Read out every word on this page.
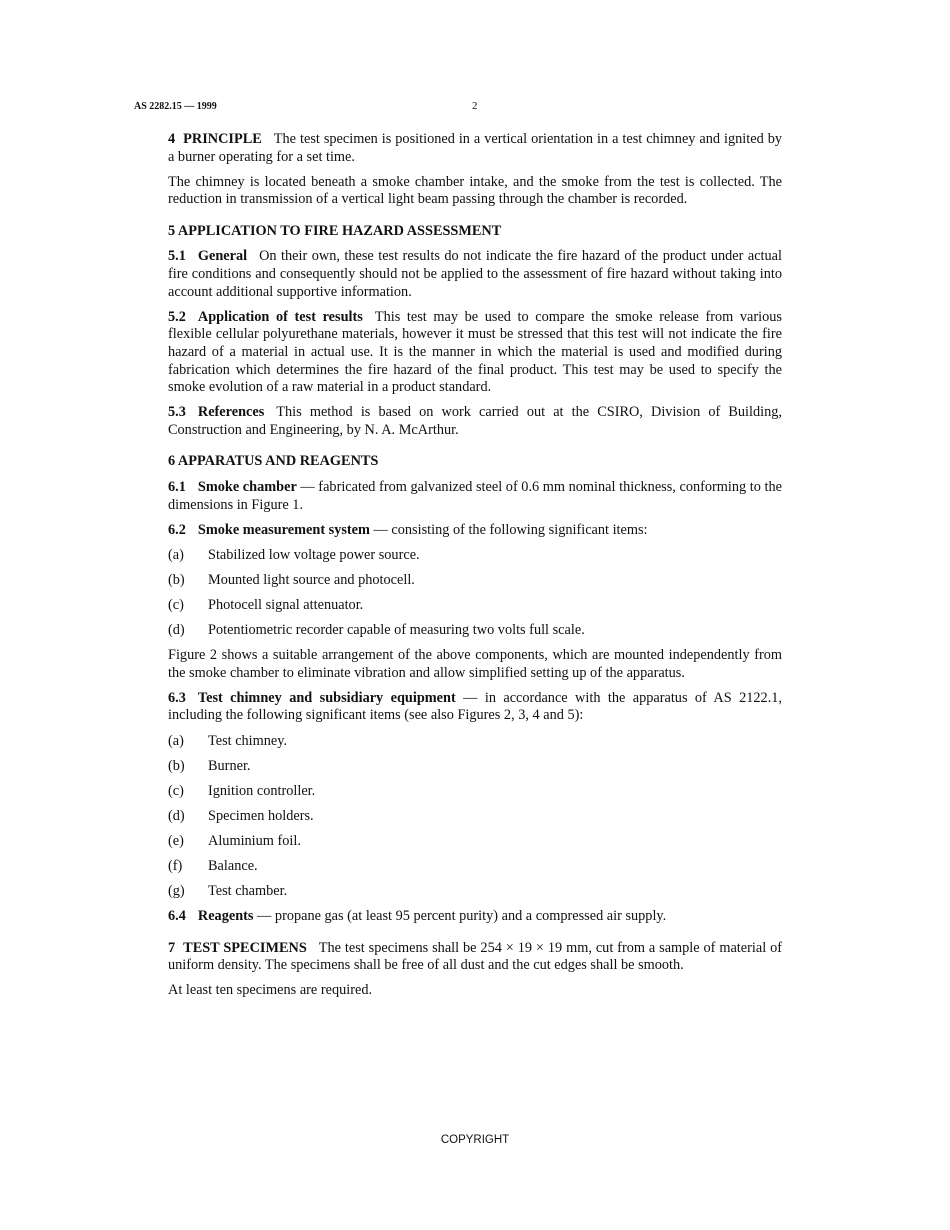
AS 2282.15 — 1999	2

4 PRINCIPLE The test specimen is positioned in a vertical orientation in a test chimney and ignited by a burner operating for a set time.

The chimney is located beneath a smoke chamber intake, and the smoke from the test is collected. The reduction in transmission of a vertical light beam passing through the chamber is recorded.

5 APPLICATION TO FIRE HAZARD ASSESSMENT

5.1 General On their own, these test results do not indicate the fire hazard of the product under actual fire conditions and consequently should not be applied to the assessment of fire hazard without taking into account additional supportive information.

5.2 Application of test results This test may be used to compare the smoke release from various flexible cellular polyurethane materials, however it must be stressed that this test will not indicate the fire hazard of a material in actual use. It is the manner in which the material is used and modified during fabrication which determines the fire hazard of the final product. This test may be used to specify the smoke evolution of a raw material in a product standard.

5.3 References This method is based on work carried out at the CSIRO, Division of Building, Construction and Engineering, by N. A. McArthur.

6 APPARATUS AND REAGENTS

6.1 Smoke chamber — fabricated from galvanized steel of 0.6 mm nominal thickness, conforming to the dimensions in Figure 1.

6.2 Smoke measurement system — consisting of the following significant items:

(a)	Stabilized low voltage power source.
(b)	Mounted light source and photocell.
(c)	Photocell signal attenuator.
(d)	Potentiometric recorder capable of measuring two volts full scale.

Figure 2 shows a suitable arrangement of the above components, which are mounted independently from the smoke chamber to eliminate vibration and allow simplified setting up of the apparatus.

6.3 Test chimney and subsidiary equipment — in accordance with the apparatus of AS 2122.1, including the following significant items (see also Figures 2, 3, 4 and 5):

(a)	Test chimney.
(b)	Burner.
(c)	Ignition controller.
(d)	Specimen holders.
(e)	Aluminium foil.
(f)	Balance.
(g)	Test chamber.

6.4 Reagents — propane gas (at least 95 percent purity) and a compressed air supply.

7 TEST SPECIMENS The test specimens shall be 254 × 19 × 19 mm, cut from a sample of material of uniform density. The specimens shall be free of all dust and the cut edges shall be smooth.

At least ten specimens are required.

COPYRIGHT
